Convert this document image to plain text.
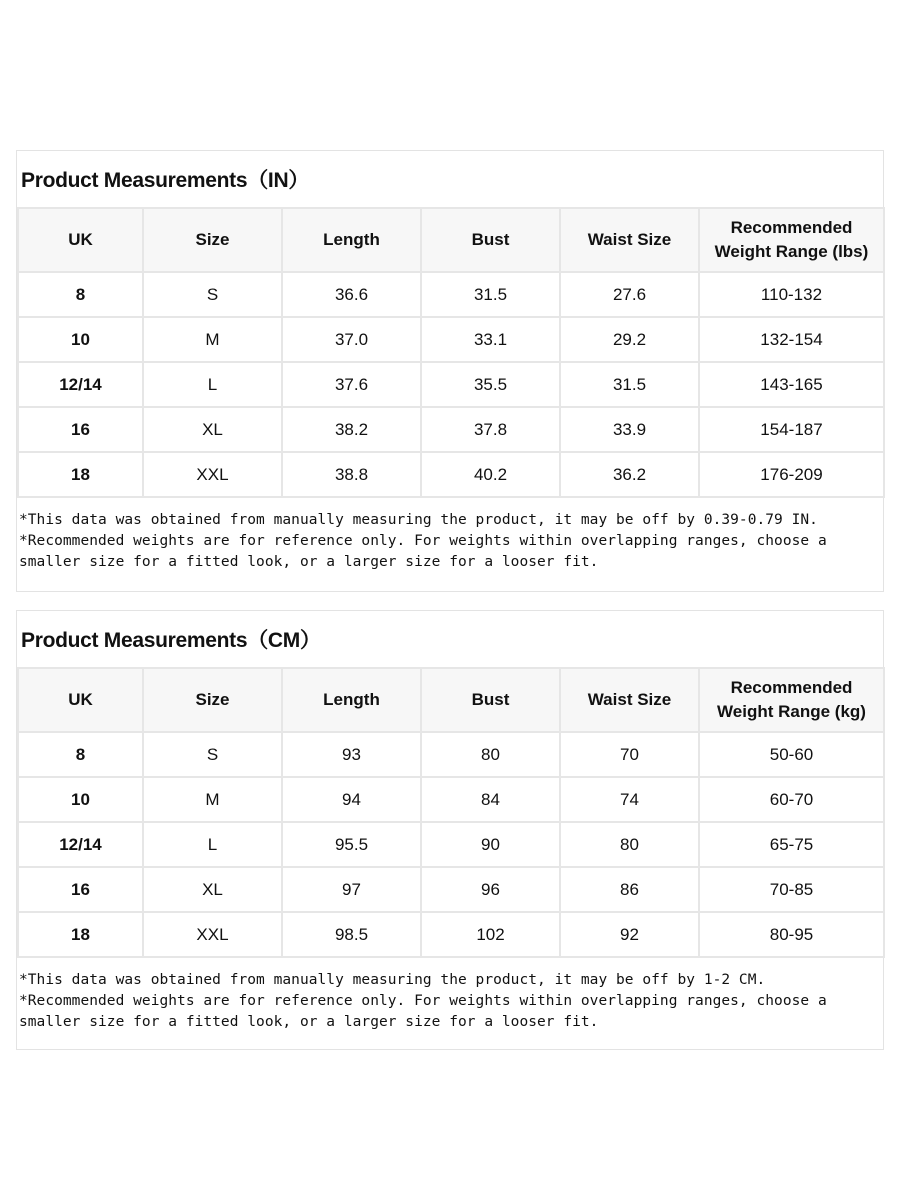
Product Measurements（IN）
UK	Size	Length	Bust	Waist Size	Recommended Weight Range (lbs)
8	S	36.6	31.5	27.6	110-132
10	M	37.0	33.1	29.2	132-154
12/14	L	37.6	35.5	31.5	143-165
16	XL	38.2	37.8	33.9	154-187
18	XXL	38.8	40.2	36.2	176-209

*This data was obtained from manually measuring the product, it may be off by 0.39-0.79 IN.

*Recommended weights are for reference only. For weights within overlapping ranges, choose a smaller size for a fitted look, or a larger size for a looser fit.

Product Measurements（CM）
UK	Size	Length	Bust	Waist Size	Recommended Weight Range (kg)
8	S	93	80	70	50-60
10	M	94	84	74	60-70
12/14	L	95.5	90	80	65-75
16	XL	97	96	86	70-85
18	XXL	98.5	102	92	80-95

*This data was obtained from manually measuring the product, it may be off by 1-2 CM.

*Recommended weights are for reference only. For weights within overlapping ranges, choose a smaller size for a fitted look, or a larger size for a looser fit.
